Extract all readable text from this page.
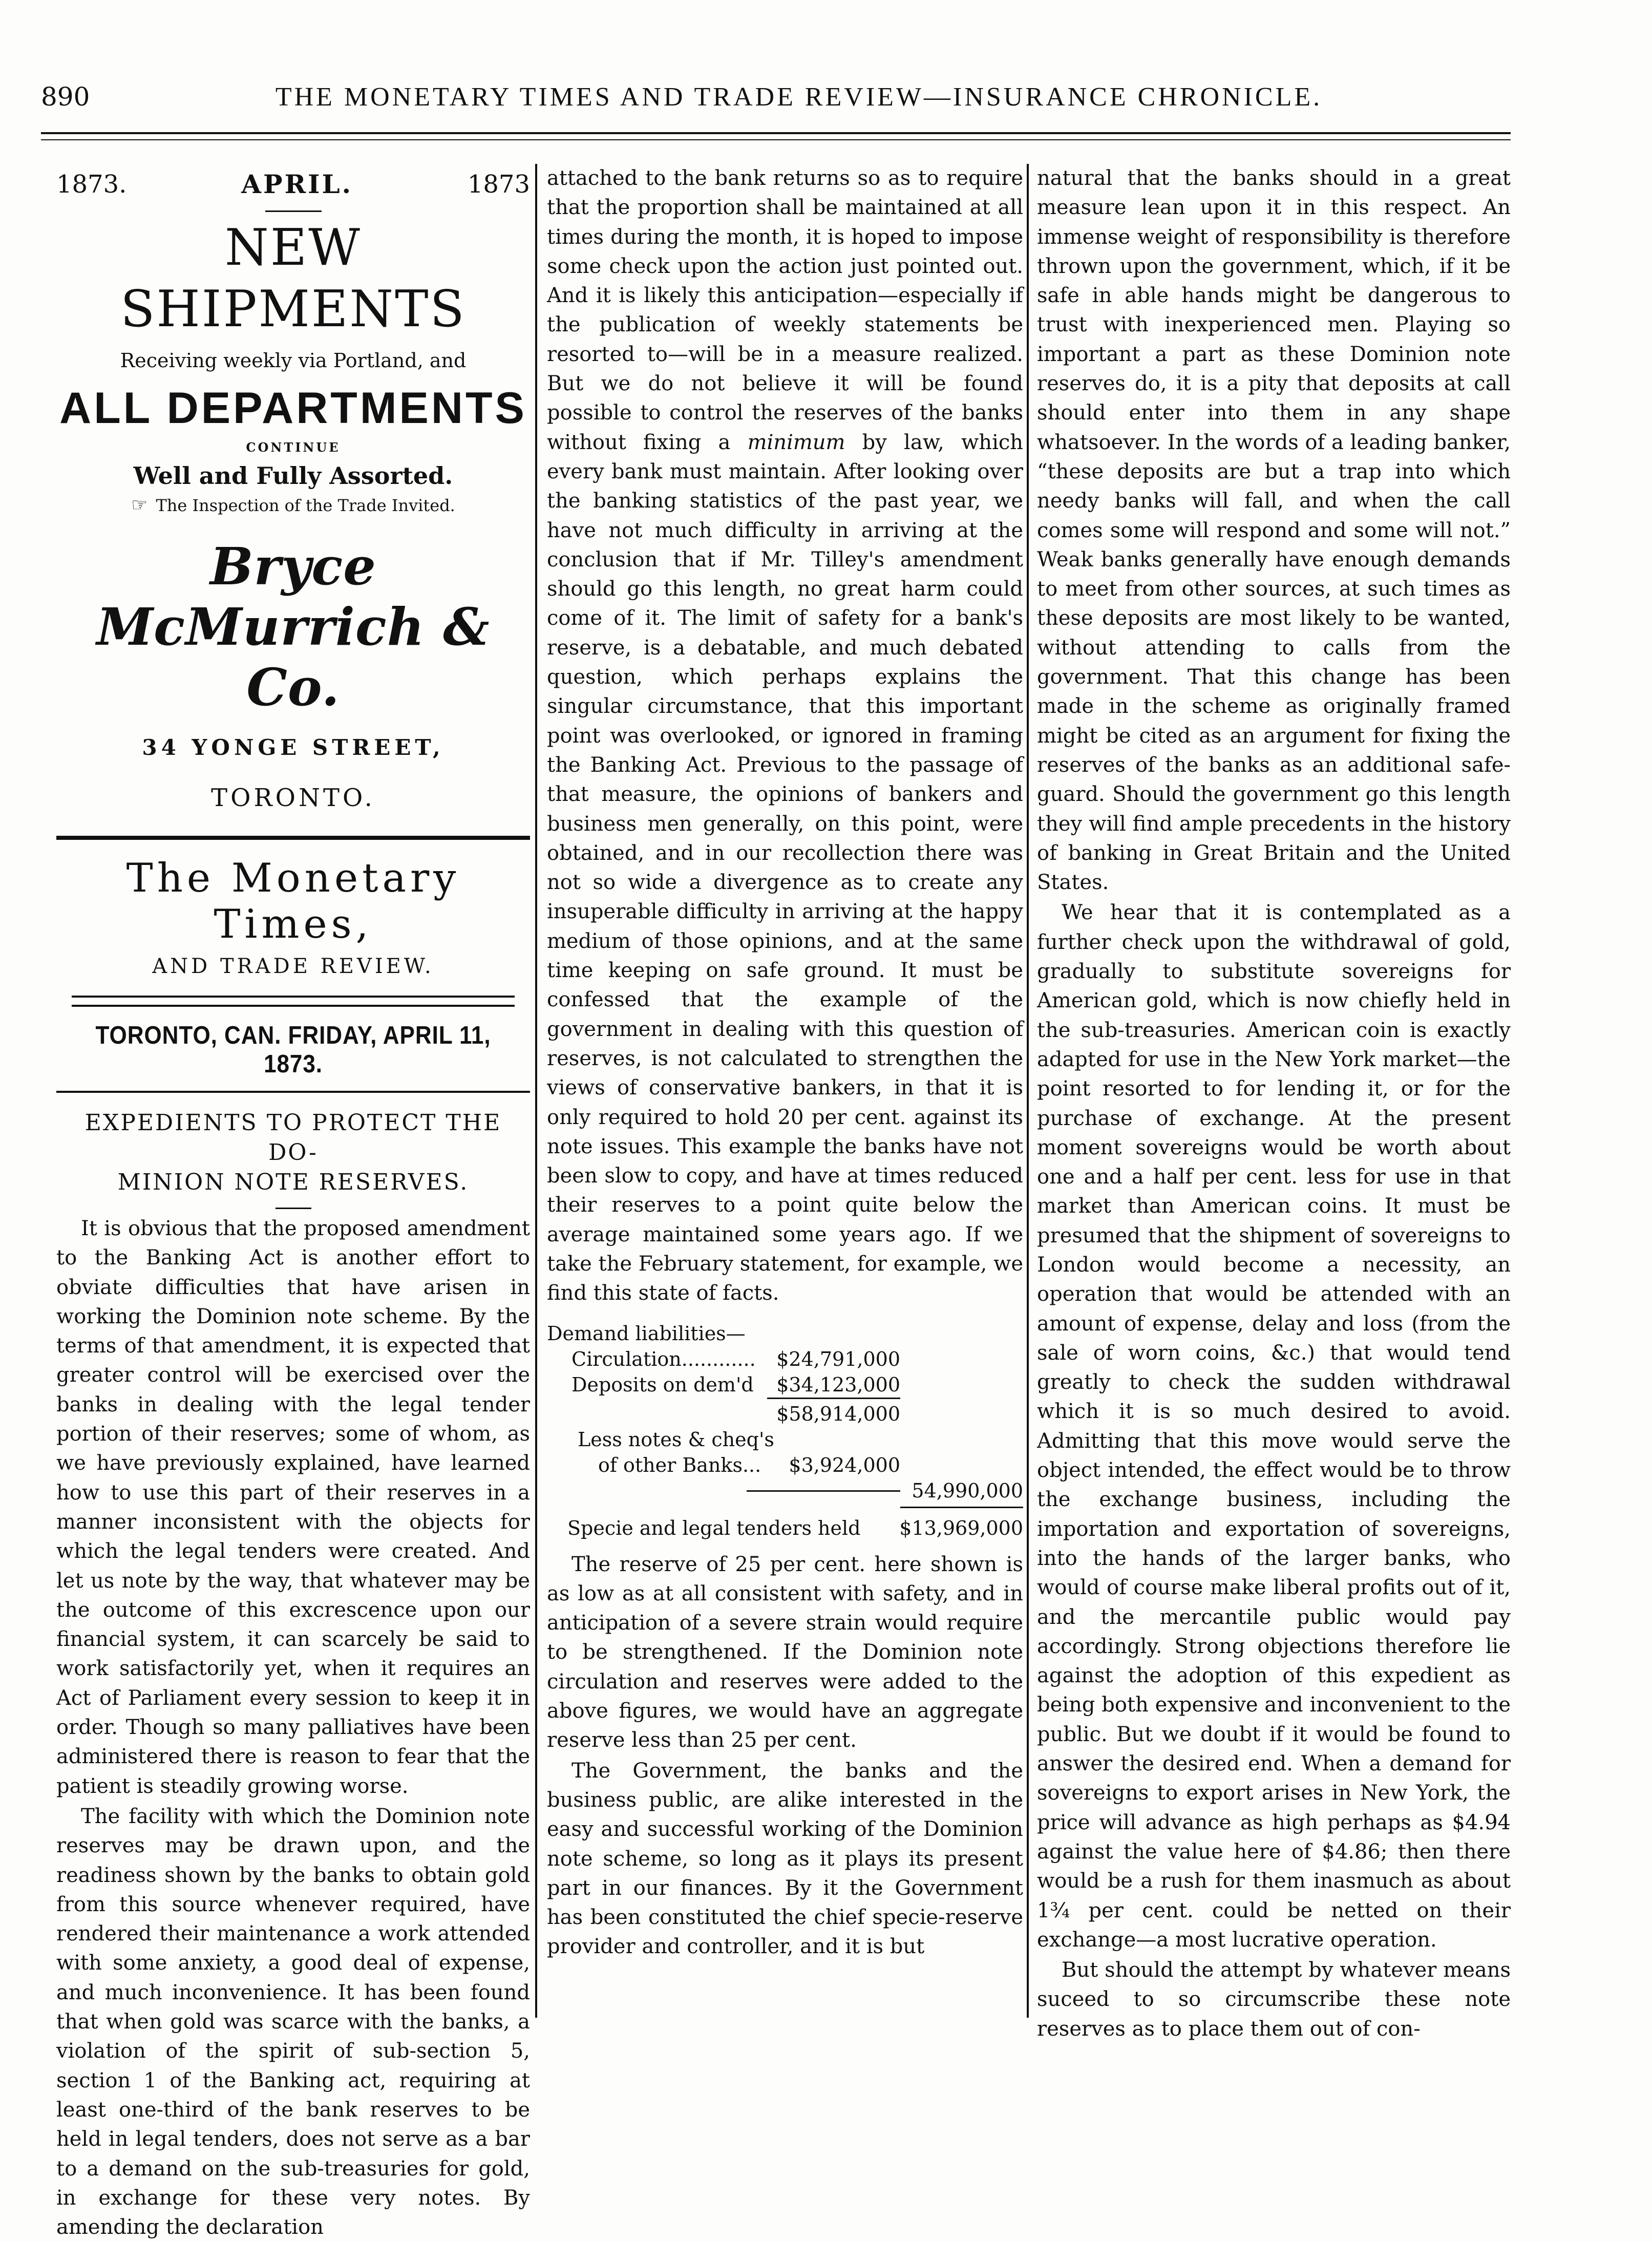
890	THE MONETARY TIMES AND TRADE REVIEW—INSURANCE CHRONICLE.
1873.	APRIL.	1873
NEW SHIPMENTS
Receiving weekly via Portland, and
ALL DEPARTMENTS
CONTINUE
Well and Fully Assorted.
☞ The Inspection of the Trade Invited.
Bryce McMurrich & Co.
34 YONGE STREET,
TORONTO.
The Monetary Times,
AND TRADE REVIEW.
TORONTO, CAN. FRIDAY, APRIL 11, 1873.
EXPEDIENTS TO PROTECT THE DO-
MINION NOTE RESERVES.

It is obvious that the proposed amendment to the Banking Act is another effort to obviate difficulties that have arisen in working the Dominion note scheme. By the terms of that amendment, it is expected that greater control will be exercised over the banks in dealing with the legal tender portion of their reserves; some of whom, as we have previously explained, have learned how to use this part of their reserves in a manner inconsistent with the objects for which the legal tenders were created. And let us note by the way, that whatever may be the outcome of this excrescence upon our financial system, it can scarcely be said to work satisfactorily yet, when it requires an Act of Parliament every session to keep it in order. Though so many palliatives have been administered there is reason to fear that the patient is steadily growing worse.

The facility with which the Dominion note reserves may be drawn upon, and the readiness shown by the banks to obtain gold from this source whenever required, have rendered their maintenance a work attended with some anxiety, a good deal of expense, and much inconvenience. It has been found that when gold was scarce with the banks, a violation of the spirit of sub-section 5, section 1 of the Banking act, requiring at least one-third of the bank reserves to be held in legal tenders, does not serve as a bar to a demand on the sub-treasuries for gold, in exchange for these very notes. By amending the declaration

attached to the bank returns so as to require that the proportion shall be maintained at all times during the month, it is hoped to impose some check upon the action just pointed out. And it is likely this anticipation—especially if the publication of weekly statements be resorted to—will be in a measure realized. But we do not believe it will be found possible to control the reserves of the banks without fixing a minimum by law, which every bank must maintain. After looking over the banking statistics of the past year, we have not much difficulty in arriving at the conclusion that if Mr. Tilley's amendment should go this length, no great harm could come of it. The limit of safety for a bank's reserve, is a debatable, and much debated question, which perhaps explains the singular circumstance, that this important point was overlooked, or ignored in framing the Banking Act. Previous to the passage of that measure, the opinions of bankers and business men generally, on this point, were obtained, and in our recollection there was not so wide a divergence as to create any insuperable difficulty in arriving at the happy medium of those opinions, and at the same time keeping on safe ground. It must be confessed that the example of the government in dealing with this question of reserves, is not calculated to strengthen the views of conservative bankers, in that it is only required to hold 20 per cent. against its note issues. This example the banks have not been slow to copy, and have at times reduced their reserves to a point quite below the average maintained some years ago. If we take the February statement, for example, we find this state of facts.

Demand liabilities—
Circulation............ $24,791,000
Deposits on dem'd $34,123,000
$58,914,000
Less notes & cheq's
of other Banks...	$3,924,000
54,990,000
Specie and legal tenders held $13,969,000

The reserve of 25 per cent. here shown is as low as at all consistent with safety, and in anticipation of a severe strain would require to be strengthened. If the Dominion note circulation and reserves were added to the above figures, we would have an aggregate reserve less than 25 per cent.

The Government, the banks and the business public, are alike interested in the easy and successful working of the Dominion note scheme, so long as it plays its present part in our finances. By it the Government has been constituted the chief specie-reserve provider and controller, and it is but

natural that the banks should in a great measure lean upon it in this respect. An immense weight of responsibility is therefore thrown upon the government, which, if it be safe in able hands might be dangerous to trust with inexperienced men. Playing so important a part as these Dominion note reserves do, it is a pity that deposits at call should enter into them in any shape whatsoever. In the words of a leading banker, “these deposits are but a trap into which needy banks will fall, and when the call comes some will respond and some will not.” Weak banks generally have enough demands to meet from other sources, at such times as these deposits are most likely to be wanted, without attending to calls from the government. That this change has been made in the scheme as originally framed might be cited as an argument for fixing the reserves of the banks as an additional safe-guard. Should the government go this length they will find ample precedents in the history of banking in Great Britain and the United States.

We hear that it is contemplated as a further check upon the withdrawal of gold, gradually to substitute sovereigns for American gold, which is now chiefly held in the sub-treasuries. American coin is exactly adapted for use in the New York market—the point resorted to for lending it, or for the purchase of exchange. At the present moment sovereigns would be worth about one and a half per cent. less for use in that market than American coins. It must be presumed that the shipment of sovereigns to London would become a necessity, an operation that would be attended with an amount of expense, delay and loss (from the sale of worn coins, &c.) that would tend greatly to check the sudden withdrawal which it is so much desired to avoid. Admitting that this move would serve the object intended, the effect would be to throw the exchange business, including the importation and exportation of sovereigns, into the hands of the larger banks, who would of course make liberal profits out of it, and the mercantile public would pay accordingly. Strong objections therefore lie against the adoption of this expedient as being both expensive and inconvenient to the public. But we doubt if it would be found to answer the desired end. When a demand for sovereigns to export arises in New York, the price will advance as high perhaps as $4.94 against the value here of $4.86; then there would be a rush for them inasmuch as about 1¾ per cent. could be netted on their exchange—a most lucrative operation.

But should the attempt by whatever means suceed to so circumscribe these note reserves as to place them out of con-
